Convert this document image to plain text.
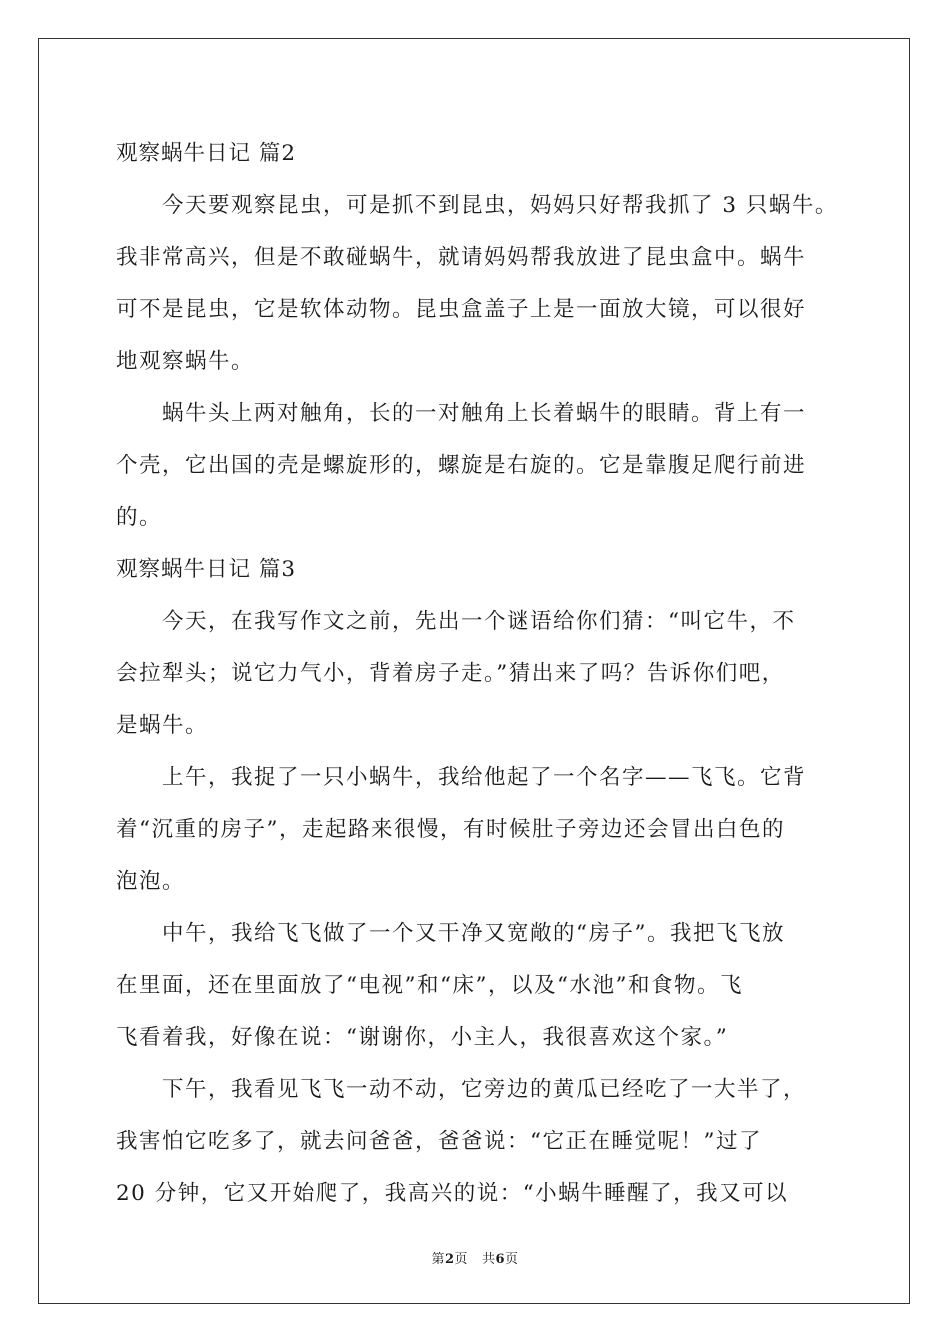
观察蜗牛日记 篇2
　　今天要观察昆虫，可是抓不到昆虫，妈妈只好帮我抓了 3 只蜗牛。
我非常高兴，但是不敢碰蜗牛，就请妈妈帮我放进了昆虫盒中。蜗牛
可不是昆虫，它是软体动物。昆虫盒盖子上是一面放大镜，可以很好
地观察蜗牛。
　　蜗牛头上两对触角，长的一对触角上长着蜗牛的眼睛。背上有一
个壳，它出国的壳是螺旋形的，螺旋是右旋的。它是靠腹足爬行前进
的。
观察蜗牛日记 篇3
　　今天，在我写作文之前，先出一个谜语给你们猜：“叫它牛，不
会拉犁头；说它力气小，背着房子走。”猜出来了吗？告诉你们吧，
是蜗牛。
　　上午，我捉了一只小蜗牛，我给他起了一个名字——飞飞。它背
着“沉重的房子”，走起路来很慢，有时候肚子旁边还会冒出白色的
泡泡。
　　中午，我给飞飞做了一个又干净又宽敞的“房子”。我把飞飞放
在里面，还在里面放了“电视”和“床”，以及“水池”和食物。飞
飞看着我，好像在说：“谢谢你，小主人，我很喜欢这个家。”
　　下午，我看见飞飞一动不动，它旁边的黄瓜已经吃了一大半了，
我害怕它吃多了，就去问爸爸，爸爸说：“它正在睡觉呢！”过了
20 分钟，它又开始爬了，我高兴的说：“小蜗牛睡醒了，我又可以
第2页 共6页
